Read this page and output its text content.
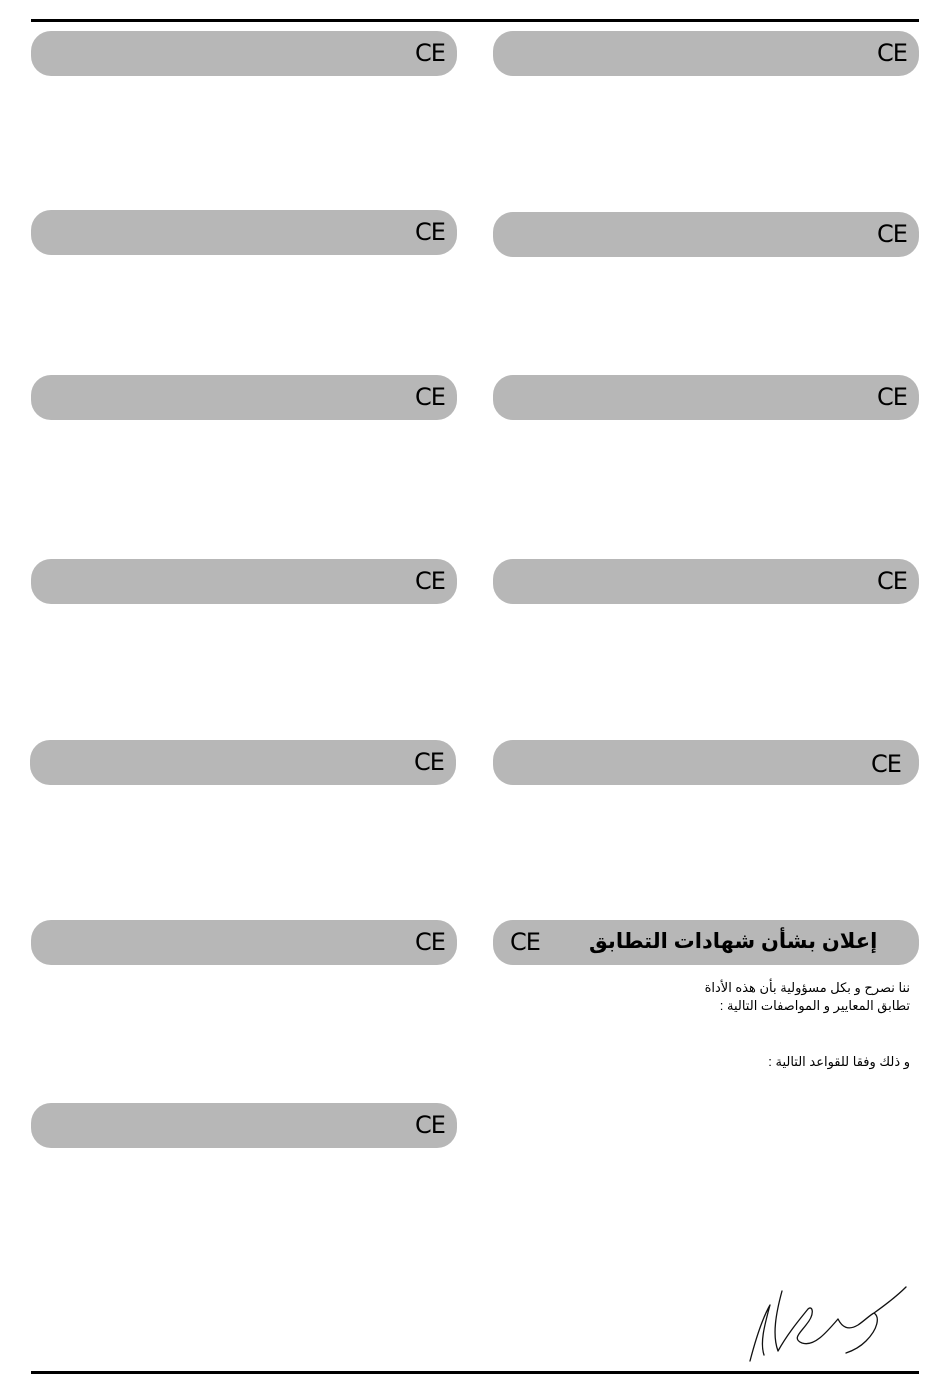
CE
CE
CE
CE
CE
CE
CE
CE
CE
CE
CE
CE
CE إعلان بشأن شهادات التطابق
ننا نصرح و بكل مسؤولية بأن هذه الأداة
تطابق المعايير و المواصفات التالية :
و ذلك وفقا للقواعد التالية :
